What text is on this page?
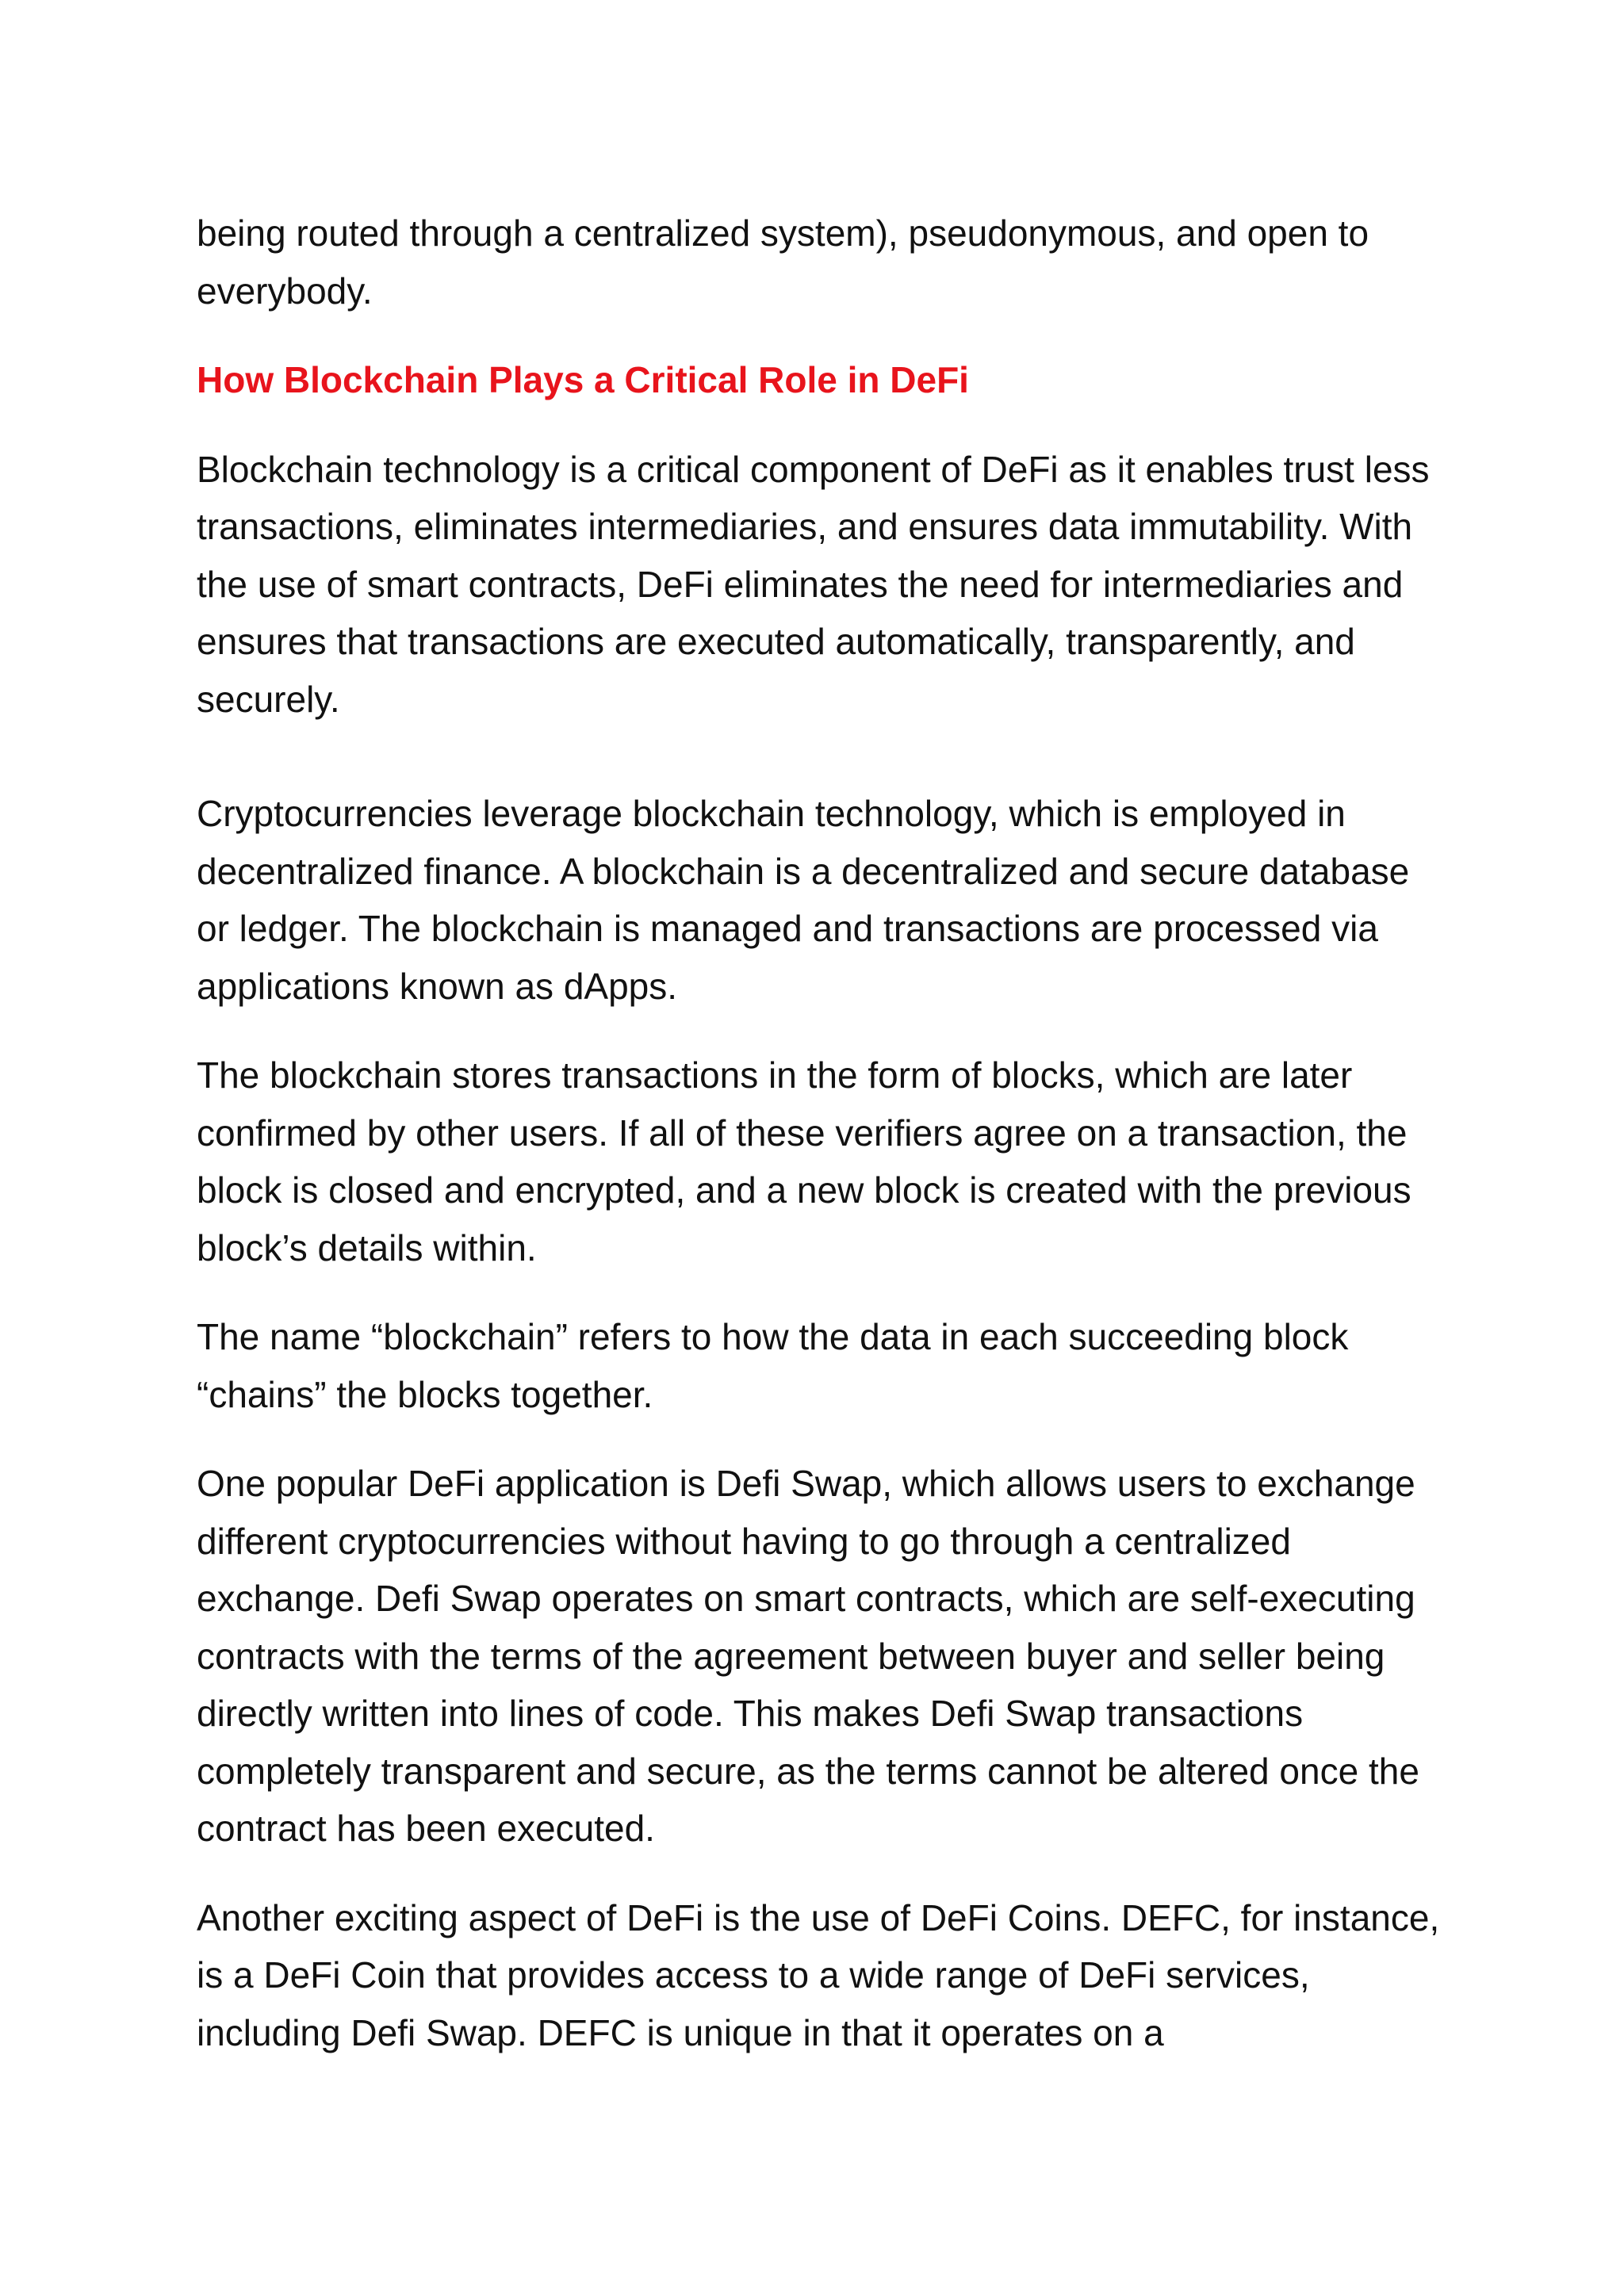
being routed through a centralized system), pseudonymous, and open to everybody.

How Blockchain Plays a Critical Role in DeFi

Blockchain technology is a critical component of DeFi as it enables trust less transactions, eliminates intermediaries, and ensures data immutability. With the use of smart contracts, DeFi eliminates the need for intermediaries and ensures that transactions are executed automatically, transparently, and securely.

Cryptocurrencies leverage blockchain technology, which is employed in decentralized finance. A blockchain is a decentralized and secure database or ledger. The blockchain is managed and transactions are processed via applications known as dApps.

The blockchain stores transactions in the form of blocks, which are later confirmed by other users. If all of these verifiers agree on a transaction, the block is closed and encrypted, and a new block is created with the previous block’s details within.

The name “blockchain” refers to how the data in each succeeding block “chains” the blocks together.

One popular DeFi application is Defi Swap, which allows users to exchange different cryptocurrencies without having to go through a centralized exchange. Defi Swap operates on smart contracts, which are self-executing contracts with the terms of the agreement between buyer and seller being directly written into lines of code. This makes Defi Swap transactions completely transparent and secure, as the terms cannot be altered once the contract has been executed.

Another exciting aspect of DeFi is the use of DeFi Coins. DEFC, for instance, is a DeFi Coin that provides access to a wide range of DeFi services, including Defi Swap. DEFC is unique in that it operates on a
